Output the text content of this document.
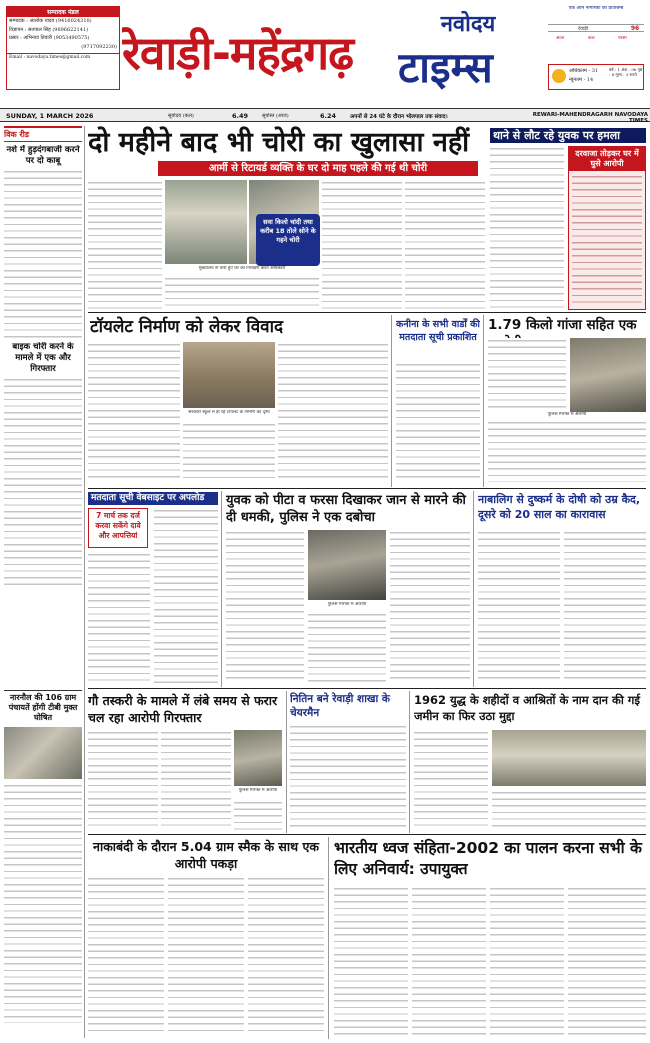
सम्पादक मंडल
सम्पादक : आलोक यादव (9416024310)
विज्ञापन : सतपाल सिंह (9896622141)
प्रसार : अभिनाव तिवारी (9053490575)
(9717092230)
Email : navodaya.times@gmail.com रेवाड़ी-महेंद्रगढ़
नवोदय
टाइम्स
एक आम नागरिकों का प्रतिबिम्ब
रेवाड़ी	96
आज	कल	परसों
अधिकतम - 31
न्यूनतम - 14
वर्ष : 1 अंक : 96 पृष्ठ : 8 मूल्य : 3 रुपये
SUNDAY, 1 MARCH 2026	सूर्योदय (कल)	6.49	सूर्यास्त (आज)	6.24	अपनों से 24 घंटे के दौरान भोलपाल तक संवाद।	REWARI-MAHENDRAGARH NAVODAYA TIMES
विक रीड
नशे में हुड़दंगबाजी करने पर दो काबू
बाइक चोरी करने के मामले में एक और गिरफ्तार
नारनौल की 106 ग्राम पंचायतें होंगी टीबी मुक्त घोषित
दो महीने बाद भी चोरी का खुलासा नहीं
आर्मी से रिटायर्ड व्यक्ति के घर दो माह पहले की गई थी चोरी
मुख्यालय से चोरी हुए घर का निरीक्षण करते अधिकारी
सवा किलो चांदी तथा करीब 18 तोले सोने के गहने चोरी
थाने से लौट रहे युवक पर हमला
दरवाजा तोड़कर घर में घुसे आरोपी
टॉयलेट निर्माण को लेकर विवाद
सरकारी स्कूल में हो रहे टॉयलेट के निर्माण का दृश्य
कनीना के सभी वार्डों की मतदाता सूची प्रकाशित
1.79 किलो गांजा सहित एक
पुलिस गिरफ्त में आरोपी
मतदाता सूची वेबसाइट पर अपलोड
7 मार्च तक दर्ज करवा सकेंगे दावे और आपत्तियां
युवक को पीटा व फरसा दिखाकर जान से मारने की दी धमकी, पुलिस ने एक दबोचा
पुलिस गिरफ्त में आरोपी
नाबालिग से दुष्कर्म के दोषी को उम्र कैद, दूसरे को 20 साल का कारावास
गौ तस्करी के मामले में लंबे समय से फरार चल रहा आरोपी गिरफ्तार
पुलिस गिरफ्त में आरोपी
नितिन बने रेवाड़ी शाखा के चेयरमैन
1962 युद्ध के शहीदों व आश्रितों के नाम दान की गई जमीन का फिर उठा मुद्दा
नाकाबंदी के दौरान 5.04 ग्राम स्मैक के साथ एक आरोपी पकड़ा
भारतीय ध्वज संहिता-2002 का पालन करना सभी के लिए अनिवार्य: उपायुक्त
